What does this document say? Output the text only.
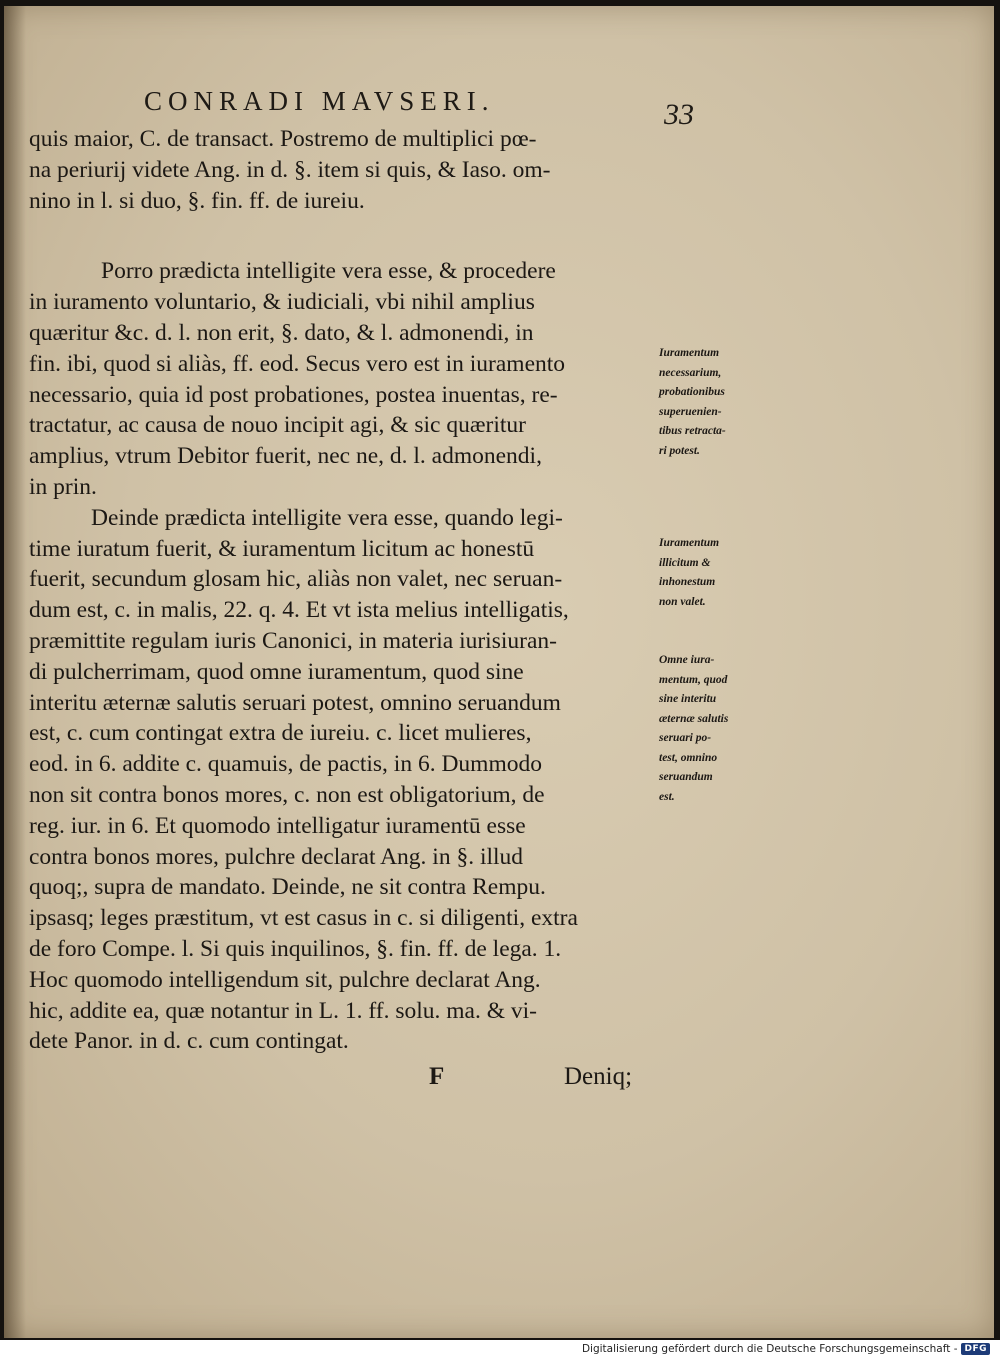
CONRADI MAVSERI.	33
quis maior, C. de transact. Postremo de multiplici pœ-
na periurij videte Ang. in d. §. item si quis, & Iaso. om-
nino in l. si duo, §. fin. ff. de iureiu.
Porro prædicta intelligite vera esse, & procedere
in iuramento voluntario, & iudiciali, vbi nihil amplius
quæritur &c. d. l. non erit, §. dato, & l. admonendi, in
fin. ibi, quod si aliàs, ff. eod. Secus vero est in iuramento
necessario, quia id post probationes, postea inuentas, re-
tractatur, ac causa de nouo incipit agi, & sic quæritur
amplius, vtrum Debitor fuerit, nec ne, d. l. admonendi,
in prin.
Deinde prædicta intelligite vera esse, quando legi-
time iuratum fuerit, & iuramentum licitum ac honestū
fuerit, secundum glosam hic, aliàs non valet, nec seruan-
dum est, c. in malis, 22. q. 4. Et vt ista melius intelligatis,
præmittite regulam iuris Canonici, in materia iurisiuran-
di pulcherrimam, quod omne iuramentum, quod sine
interitu æternæ salutis seruari potest, omnino seruandum
est, c. cum contingat extra de iureiu. c. licet mulieres,
eod. in 6. addite c. quamuis, de pactis, in 6. Dummodo
non sit contra bonos mores, c. non est obligatorium, de
reg. iur. in 6. Et quomodo intelligatur iuramentū esse
contra bonos mores, pulchre declarat Ang. in §. illud
quoq;, supra de mandato. Deinde, ne sit contra Rempu.
ipsasq; leges præstitum, vt est casus in c. si diligenti, extra
de foro Compe. l. Si quis inquilinos, §. fin. ff. de lega. 1.
Hoc quomodo intelligendum sit, pulchre declarat Ang.
hic, addite ea, quæ notantur in L. 1. ff. solu. ma. & vi-
dete Panor. in d. c. cum contingat.
Iuramentum
necessarium,
probationibus
superuenien-
tibus retracta-
ri potest.
Iuramentum
illicitum &
inhonestum
non valet.
Omne iura-
mentum, quod
sine interitu
æternæ salutis
seruari po-
test, omnino
seruandum
est.
F	Deniq;
Digitalisierung gefördert durch die Deutsche Forschungsgemeinschaft - DFG
